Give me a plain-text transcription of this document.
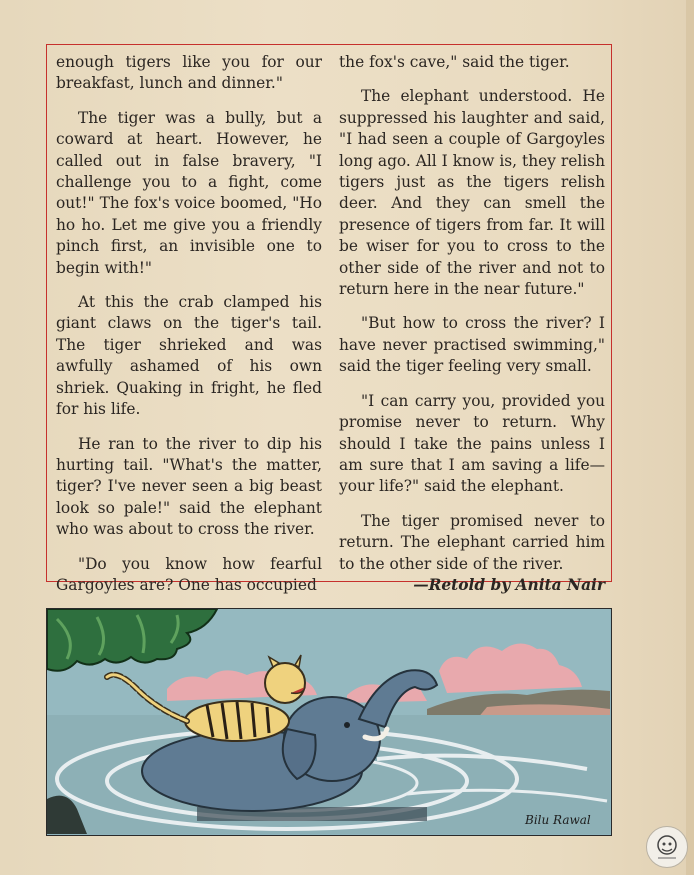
enough tigers like you for our breakfast, lunch and dinner."

The tiger was a bully, but a coward at heart. However, he called out in false bravery, "I challenge you to a fight, come out!" The fox's voice boomed, "Ho ho ho. Let me give you a friendly pinch first, an invisible one to begin with!"

At this the crab clamped his giant claws on the tiger's tail. The tiger shrieked and was awfully ashamed of his own shriek. Quaking in fright, he fled for his life.

He ran to the river to dip his hurting tail. "What's the matter, tiger? I've never seen a big beast look so pale!" said the elephant who was about to cross the river.

"Do you know how fearful Gargoyles are? One has occupied

the fox's cave," said the tiger.

The elephant understood. He suppressed his laughter and said, "I had seen a couple of Gargoyles long ago. All I know is, they relish tigers just as the tigers relish deer. And they can smell the presence of tigers from far. It will be wiser for you to cross to the other side of the river and not to return here in the near future."

"But how to cross the river? I have never practised swimming," said the tiger feeling very small.

"I can carry you, provided you promise never to return. Why should I take the pains unless I am sure that I am saving a life—your life?" said the elephant.

The tiger promised never to return. The elephant carried him to the other side of the river.

—Retold by Anita Nair

Bilu Rawal
